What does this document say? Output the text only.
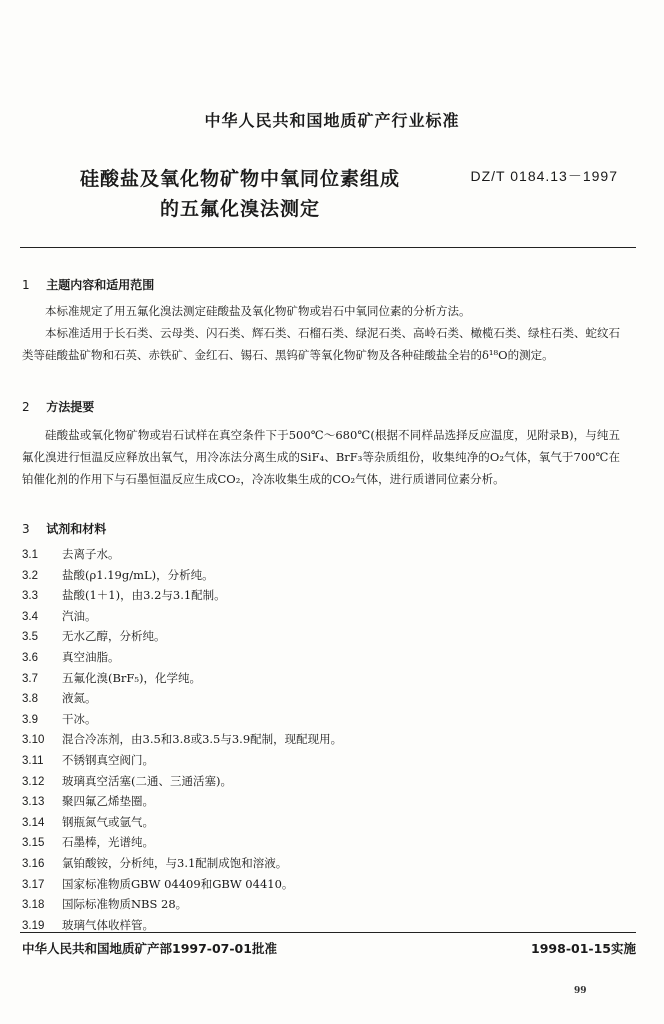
中华人民共和国地质矿产行业标准
硅酸盐及氧化物矿物中氧同位素组成
的五氟化溴法测定
DZ/T 0184.13－1997
1 主题内容和适用范围
本标准规定了用五氟化溴法测定硅酸盐及氧化物矿物或岩石中氧同位素的分析方法。
本标准适用于长石类、云母类、闪石类、辉石类、石榴石类、绿泥石类、高岭石类、橄榄石类、绿柱石类、蛇纹石类等硅酸盐矿物和石英、赤铁矿、金红石、锡石、黑钨矿等氧化物矿物及各种硅酸盐全岩的δ¹⁸O的测定。
2 方法提要
硅酸盐或氧化物矿物或岩石试样在真空条件下于500℃～680℃(根据不同样品选择反应温度，见附录B)，与纯五氟化溴进行恒温反应释放出氧气，用冷冻法分离生成的SiF₄、BrF₃等杂质组份，收集纯净的O₂气体，氧气于700℃在铂催化剂的作用下与石墨恒温反应生成CO₂，冷冻收集生成的CO₂气体，进行质谱同位素分析。
3 试剂和材料
3.1 去离子水。
3.2 盐酸(ρ1.19g/mL)，分析纯。
3.3 盐酸(1＋1)，由3.2与3.1配制。
3.4 汽油。
3.5 无水乙醇，分析纯。
3.6 真空油脂。
3.7 五氟化溴(BrF₅)，化学纯。
3.8 液氮。
3.9 干冰。
3.10 混合冷冻剂，由3.5和3.8或3.5与3.9配制，现配现用。
3.11 不锈钢真空阀门。
3.12 玻璃真空活塞(二通、三通活塞)。
3.13 聚四氟乙烯垫圈。
3.14 钢瓶氮气或氩气。
3.15 石墨棒，光谱纯。
3.16 氯铂酸铵，分析纯，与3.1配制成饱和溶液。
3.17 国家标准物质GBW 04409和GBW 04410。
3.18 国际标准物质NBS 28。
3.19 玻璃气体收样管。
中华人民共和国地质矿产部1997-07-01批准	1998-01-15实施
99
